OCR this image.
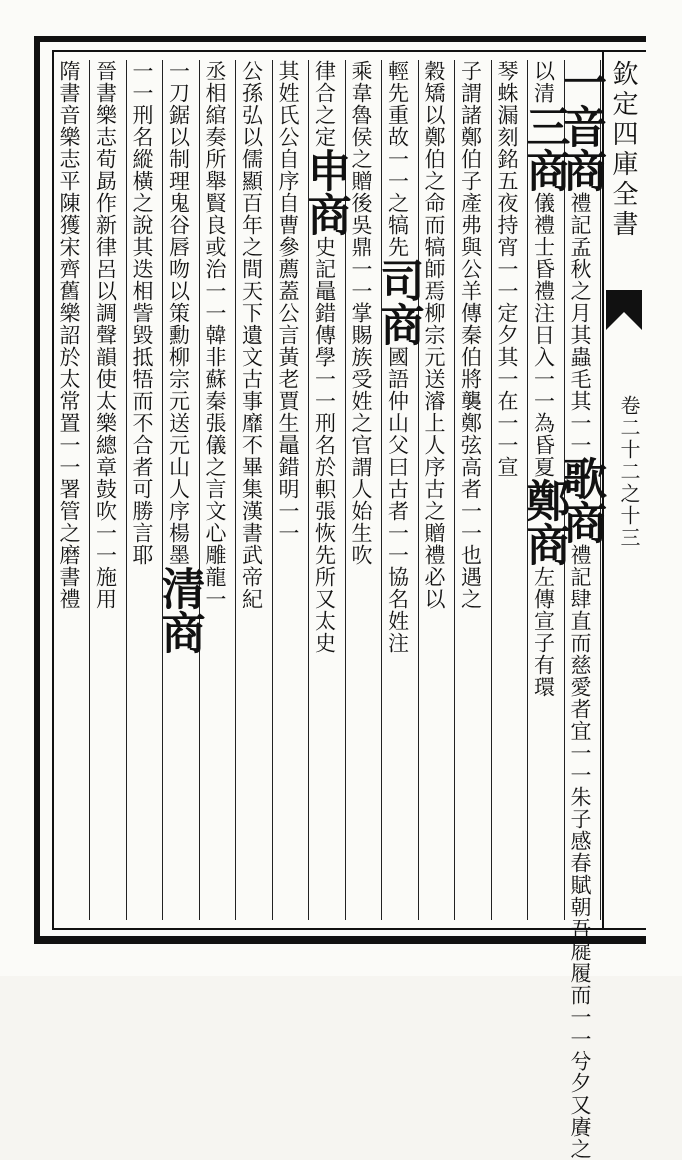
欽定四庫全書
卷二十二之十三
一音商禮記孟秋之月其蟲毛其一一歌商禮記肆直而慈愛者宜一一朱子感春賦朝吾屣履而一一兮夕又賡之
以清三商儀禮士昏禮注日入一一為昏夏鄭商左傳宣子有環
琴蛛漏刻銘五夜持宵一一定夕其一在一一宣
子謂諸鄭伯子產弗與公羊傳秦伯將襲鄭弦高者一一也遇之
穀矯以鄭伯之命而犒師焉柳宗元送濬上人序古之贈禮必以
輕先重故一一之犒先司商國語仲山父曰古者一一協名姓注
乘韋魯侯之贈後吳鼎一一掌賜族受姓之官謂人始生吹
律合之定申商史記鼂錯傳學一一刑名於軹張恢先所又太史
其姓氏公自序自曹參薦蓋公言黃老賈生鼂錯明一一
公孫弘以儒顯百年之間天下遺文古事靡不畢集漢書武帝紀
丞相綰奏所舉賢良或治一一韓非蘇秦張儀之言文心雕龍一
一刀鋸以制理鬼谷唇吻以策勳柳宗元送元山人序楊墨清商
一一刑名縱橫之說其迭相訾毀抵牾而不合者可勝言耶
晉書樂志荀勗作新律呂以調聲韻使太樂總章鼓吹一一施用
隋書音樂志平陳獲宋齊舊樂詔於太常置一一署管之磨書禮
